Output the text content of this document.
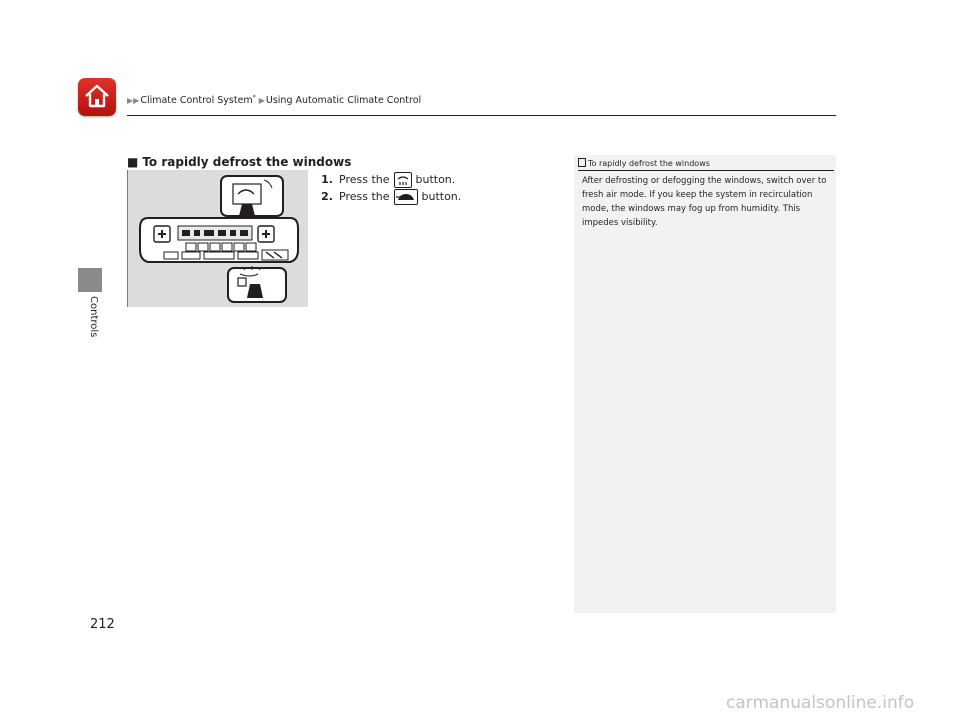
▶▶Climate Control System* ▶Using Automatic Climate Control
Controls
■ To rapidly defrost the windows
1. Press the button.
2. Press the	button.
To rapidly defrost the windows
After defrosting or defogging the windows, switch over to fresh air mode. If you keep the system in recirculation mode, the windows may fog up from humidity. This impedes visibility.
212
carmanualsonline.info
